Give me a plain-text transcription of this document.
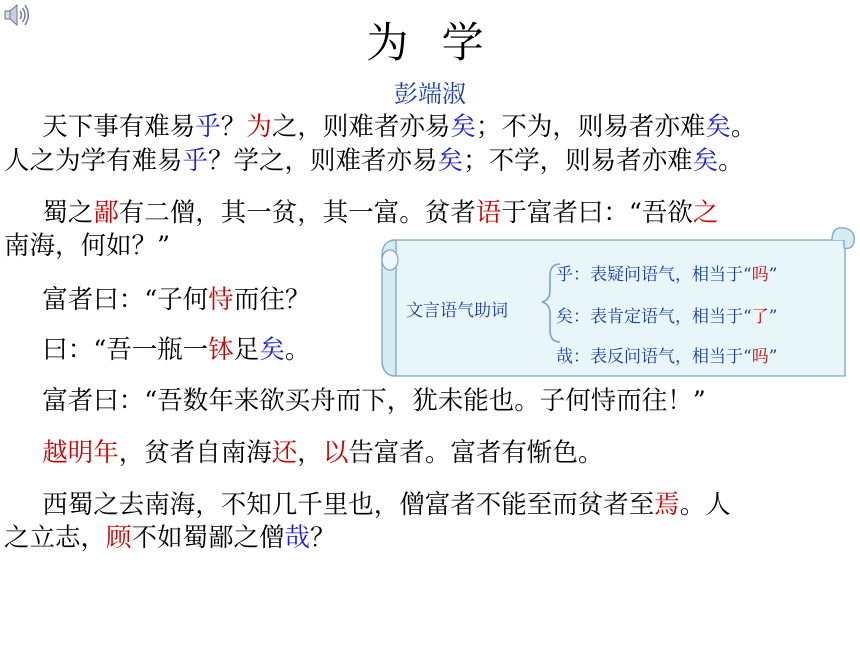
为 学
彭端淑
  天下事有难易乎？为之，则难者亦易矣；不为，则易者亦难矣。
人之为学有难易乎？学之，则难者亦易矣；不学，则易者亦难矣。
  蜀之鄙有二僧，其一贫，其一富。贫者语于富者曰：“吾欲之
南海，何如？”
  富者曰：“子何恃而往？
  曰：“吾一瓶一钵足矣。
  富者曰：“吾数年来欲买舟而下，犹未能也。子何恃而往！”
  越明年，贫者自南海还，以告富者。富者有惭色。
  西蜀之去南海，不知几千里也，僧富者不能至而贫者至焉。人
之立志，顾不如蜀鄙之僧哉？
文言语气助词
乎：表疑问语气，相当于“吗”
矣：表肯定语气，相当于“了”
哉：表反问语气，相当于“吗”
